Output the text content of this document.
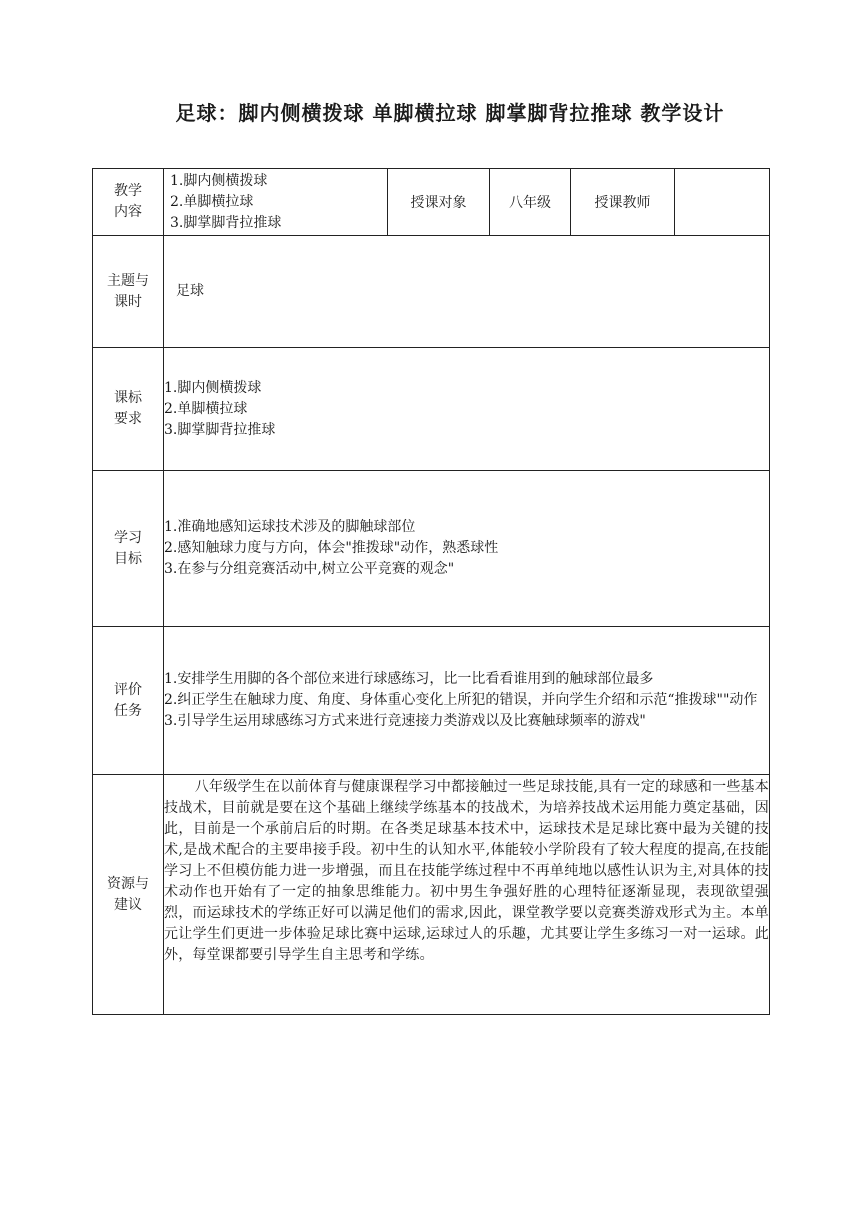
足球：脚内侧横拨球 单脚横拉球 脚掌脚背拉推球 教学设计
教学
内容	1.脚内侧横拨球
2.单脚横拉球
3.脚掌脚背拉推球	授课对象	八年级	授课教师	

主题与
课时	足球				

课标
要求	1.脚内侧横拨球
2.单脚横拉球
3.脚掌脚背拉推球				

学习
目标	1.准确地感知运球技术涉及的脚触球部位
2.感知触球力度与方向，体会"推拨球"动作，熟悉球性
3.在参与分组竞赛活动中,树立公平竞赛的观念"				

评价
任务	1.安排学生用脚的各个部位来进行球感练习，比一比看看谁用到的触球部位最多
2.纠正学生在触球力度、角度、身体重心变化上所犯的错误，并向学生介绍和示范“推拨球""动作
3.引导学生运用球感练习方式来进行竞速接力类游戏以及比赛触球频率的游戏"				

资源与
建议	八年级学生在以前体育与健康课程学习中都接触过一些足球技能,具有一定的球感和一些基本技战术，目前就是要在这个基础上继续学练基本的技战术，为培养技战术运用能力奠定基础，因此，目前是一个承前启后的时期。在各类足球基本技术中，运球技术是足球比赛中最为关键的技术,是战术配合的主要串接手段。初中生的认知水平,体能较小学阶段有了较大程度的提高,在技能学习上不但模仿能力进一步增强，而且在技能学练过程中不再单纯地以感性认识为主,对具体的技术动作也开始有了一定的抽象思维能力。初中男生争强好胜的心理特征逐渐显现，表现欲望强烈，而运球技术的学练正好可以满足他们的需求,因此，课堂教学要以竞赛类游戏形式为主。本单元让学生们更进一步体验足球比赛中运球,运球过人的乐趣，尤其要让学生多练习一对一运球。此外，每堂课都要引导学生自主思考和学练。				
